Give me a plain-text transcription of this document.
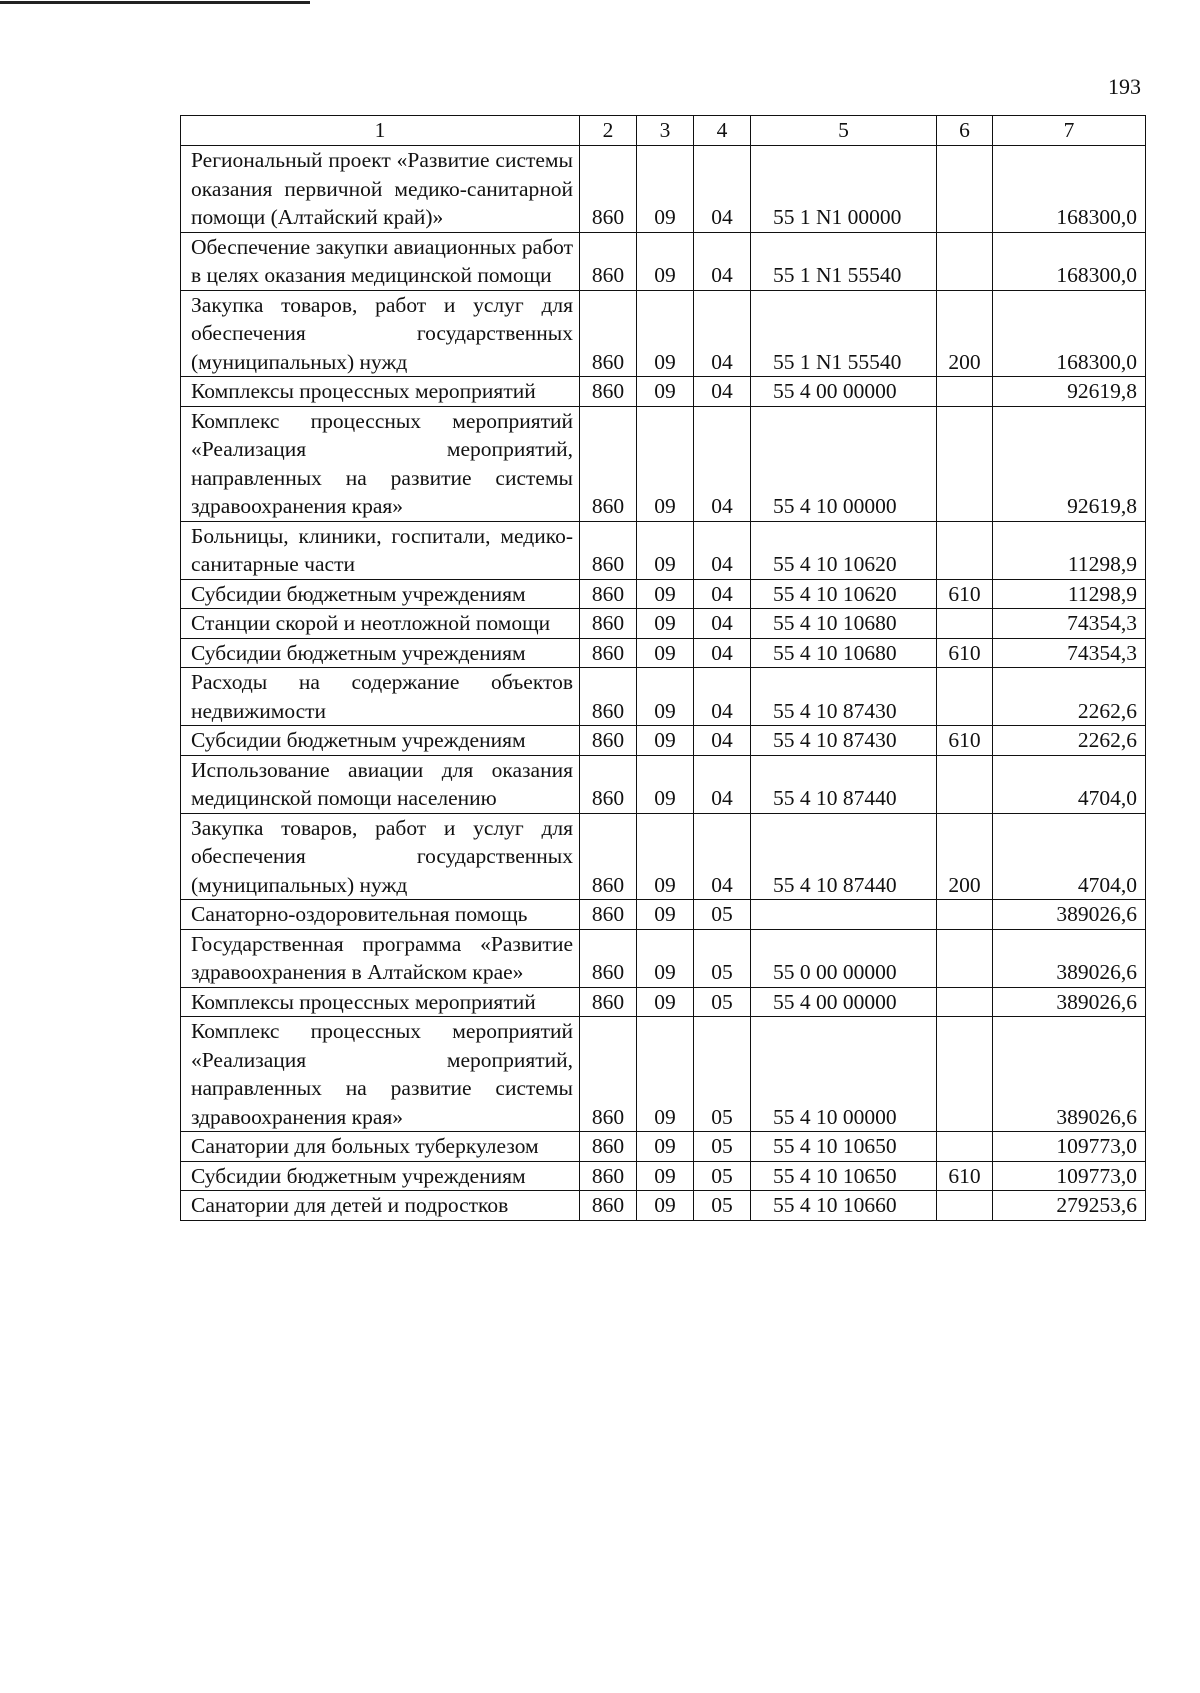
193
1	2	3	4	5	6	7
Региональный проект «Развитие системы оказания первичной медико-санитарной помощи (Алтайский край)»	860	09	04	55 1 N1 00000		168300,0
Обеспечение закупки авиационных работ в целях оказания медицинской помощи	860	09	04	55 1 N1 55540		168300,0
Закупка товаров, работ и услуг для обеспечения государственных (муниципальных) нужд	860	09	04	55 1 N1 55540	200	168300,0
Комплексы процессных мероприятий	860	09	04	55 4 00 00000		92619,8
Комплекс процессных мероприятий «Реализация мероприятий, направленных на развитие системы здравоохранения края»	860	09	04	55 4 10 00000		92619,8
Больницы, клиники, госпитали, медико-санитарные части	860	09	04	55 4 10 10620		11298,9
Субсидии бюджетным учреждениям	860	09	04	55 4 10 10620	610	11298,9
Станции скорой и неотложной помощи	860	09	04	55 4 10 10680		74354,3
Субсидии бюджетным учреждениям	860	09	04	55 4 10 10680	610	74354,3
Расходы на содержание объектов недвижимости	860	09	04	55 4 10 87430		2262,6
Субсидии бюджетным учреждениям	860	09	04	55 4 10 87430	610	2262,6
Использование авиации для оказания медицинской помощи населению	860	09	04	55 4 10 87440		4704,0
Закупка товаров, работ и услуг для обеспечения государственных (муниципальных) нужд	860	09	04	55 4 10 87440	200	4704,0
Санаторно-оздоровительная помощь	860	09	05			389026,6
Государственная программа «Развитие здравоохранения в Алтайском крае»	860	09	05	55 0 00 00000		389026,6
Комплексы процессных мероприятий	860	09	05	55 4 00 00000		389026,6
Комплекс процессных мероприятий «Реализация мероприятий, направленных на развитие системы здравоохранения края»	860	09	05	55 4 10 00000		389026,6
Санатории для больных туберкулезом	860	09	05	55 4 10 10650		109773,0
Субсидии бюджетным учреждениям	860	09	05	55 4 10 10650	610	109773,0
Санатории для детей и подростков	860	09	05	55 4 10 10660		279253,6
